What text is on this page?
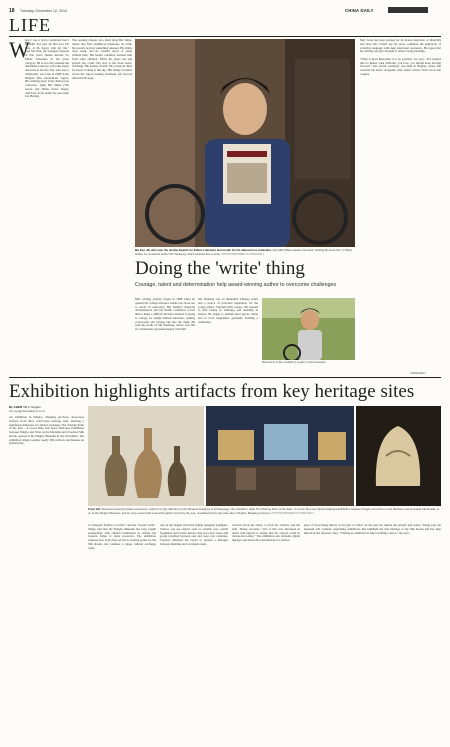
18 Tuesday, December 12, 2014	CHINA DAILY
LIFE
W
hen I was a doctor predicted that I wouldn't live past 10. But now I'm here, at 26, happy with my life," says Ma Xun, the youngest laureate of this year's Junma Awards for Ethnic Literature in the prose category. He is not only talented but determined and has overcome many obstacles in his life. Ma, who uses a wheelchair, was born in 1988 in the Ningxia Hui autonomous region. His winning piece is his debut prose collection, Qing Bai Shijie (The Green and White Stone Steps), which he wrote under the pen name Liu Hexing.
The opening chapter, also titled Qing Bai Shijie, delves into Ma's childhood memories. At birth, his parents noticed something unusual. His limbs were weak, and he couldn't move or stand without help. His health condition isolated him from other children. While his peers ran and played, the could only stay at the stone steps, watching. His mother recalls: 'He would sit there for hours looking at the sky.' His family travelled across the region seeking treatment, but doctors offered little hope.
Ma's book has been praised for its honest depiction of disability and rural life. Critics say his prose combines the simplicity of everyday language with deep emotional resonance. He hopes that his writing can give strength to others facing hardship.

"What is most important is to be positive," he says. "I've learned that no matter what difficulty you face, you should keep moving forward." The award ceremony was held in Beijing, where Ma received the honor alongside other ethnic writers from across the country.
Ma Xun, 26, who won the Junma Awards for Ethnic Literature last month for his debut prose collection, Qing Bai Shijie releases his book, holding the book Wo Yu Shien written by renowned author Shi Tiesheng, which inspired him to write. PHOTOS PROVIDED TO CHINA DAILY
Doing the 'write' thing
Courage, talent and determination help award-winning author to overcome challenges
Ma's writing journey began in 2008 when he opened his college entrance exams but chose not to enroll in university. His family's financial circumstances and his health conditions forced him to make a difficult decision. Instead of going to college, he taught himself literature, reading voraciously and writing late into the night. He read the works of Shi Tiesheng, whose own life in a wheelchair resonated deeply with him.
Shi Tiesheng was an influential Chinese writer and a source of profound inspiration for the young author. Through Shi's essays, Ma learned to find beauty in suffering and meaning in silence. He began to publish short pieces online and in local magazines, gradually building a readership.
Ma beams in the sunlight in a park in his hometown.
CHINA DAILY
Exhibition highlights artifacts from key heritage sites
By CHEN YU in Ningbo
chenyu@chinadaily.com.cn
An exhibition in Ningbo, Zhejiang province, showcases artifacts from three world-class heritage sites, marking a significant milestone in cultural exchange. The Starting Point of the East - A Cross-Time and Space Dialogue Exhibition between Ningbo and Xi'an on the Maritime and Overland Silk Roads, opened at the Ningbo Museum in late November. The exhibition brings together nearly 300 artifacts and features an ancient map.
From left: Perfumed ceramic bottles and pieces, relics from the collection of the Shaanxi Academy of Archaeology; the exhibition, titled The Starting Point of the East - A Cross-Time and Space Dialogue Exhibition between Ningbo and Xi'an on the Maritime and Overland Silk Roads, is on at the Ningbo Museum; and an ivory vessel with a two-bird pattern found by the sea, unearthed at the Hemudu site in Ningbo, Zhejiang province. PHOTOS PROVIDED TO CHINA DAILY
of Chang'an Tianbao Corridor" and the "Grand Canal". Zhang said that the Ningbo Museum has long sought partnerships with cultural institutions in central and western China to share resources. The exhibition explores how both cities served as starting points for the Silk Roads and continue to shape cultural exchange today.
trap in the largest and most highly designed examples. Visitors can see objects such as ceramic pots, textile fragments and bronze mirrors that trace how ideas and goods travelled between east and west over centuries. Curators designed the layout to present a dialogue between maritime and overland routes.
worried about the safety of both the artifacts and the staff. Zhang recounts, "All of this was discussed in detail with experts to ensure that the objects could be transported safely." The exhibition also includes digital displays and interactive installations for visitors.
pure of showcasing history is not just to reflect on the past but inspire the present and future. Zhang says the museum will continue organizing exhibitions that highlight the rich heritage of the Silk Roads and the deep historical ties between cities. "Visiting an exhibition is like travelling a place," she says.
